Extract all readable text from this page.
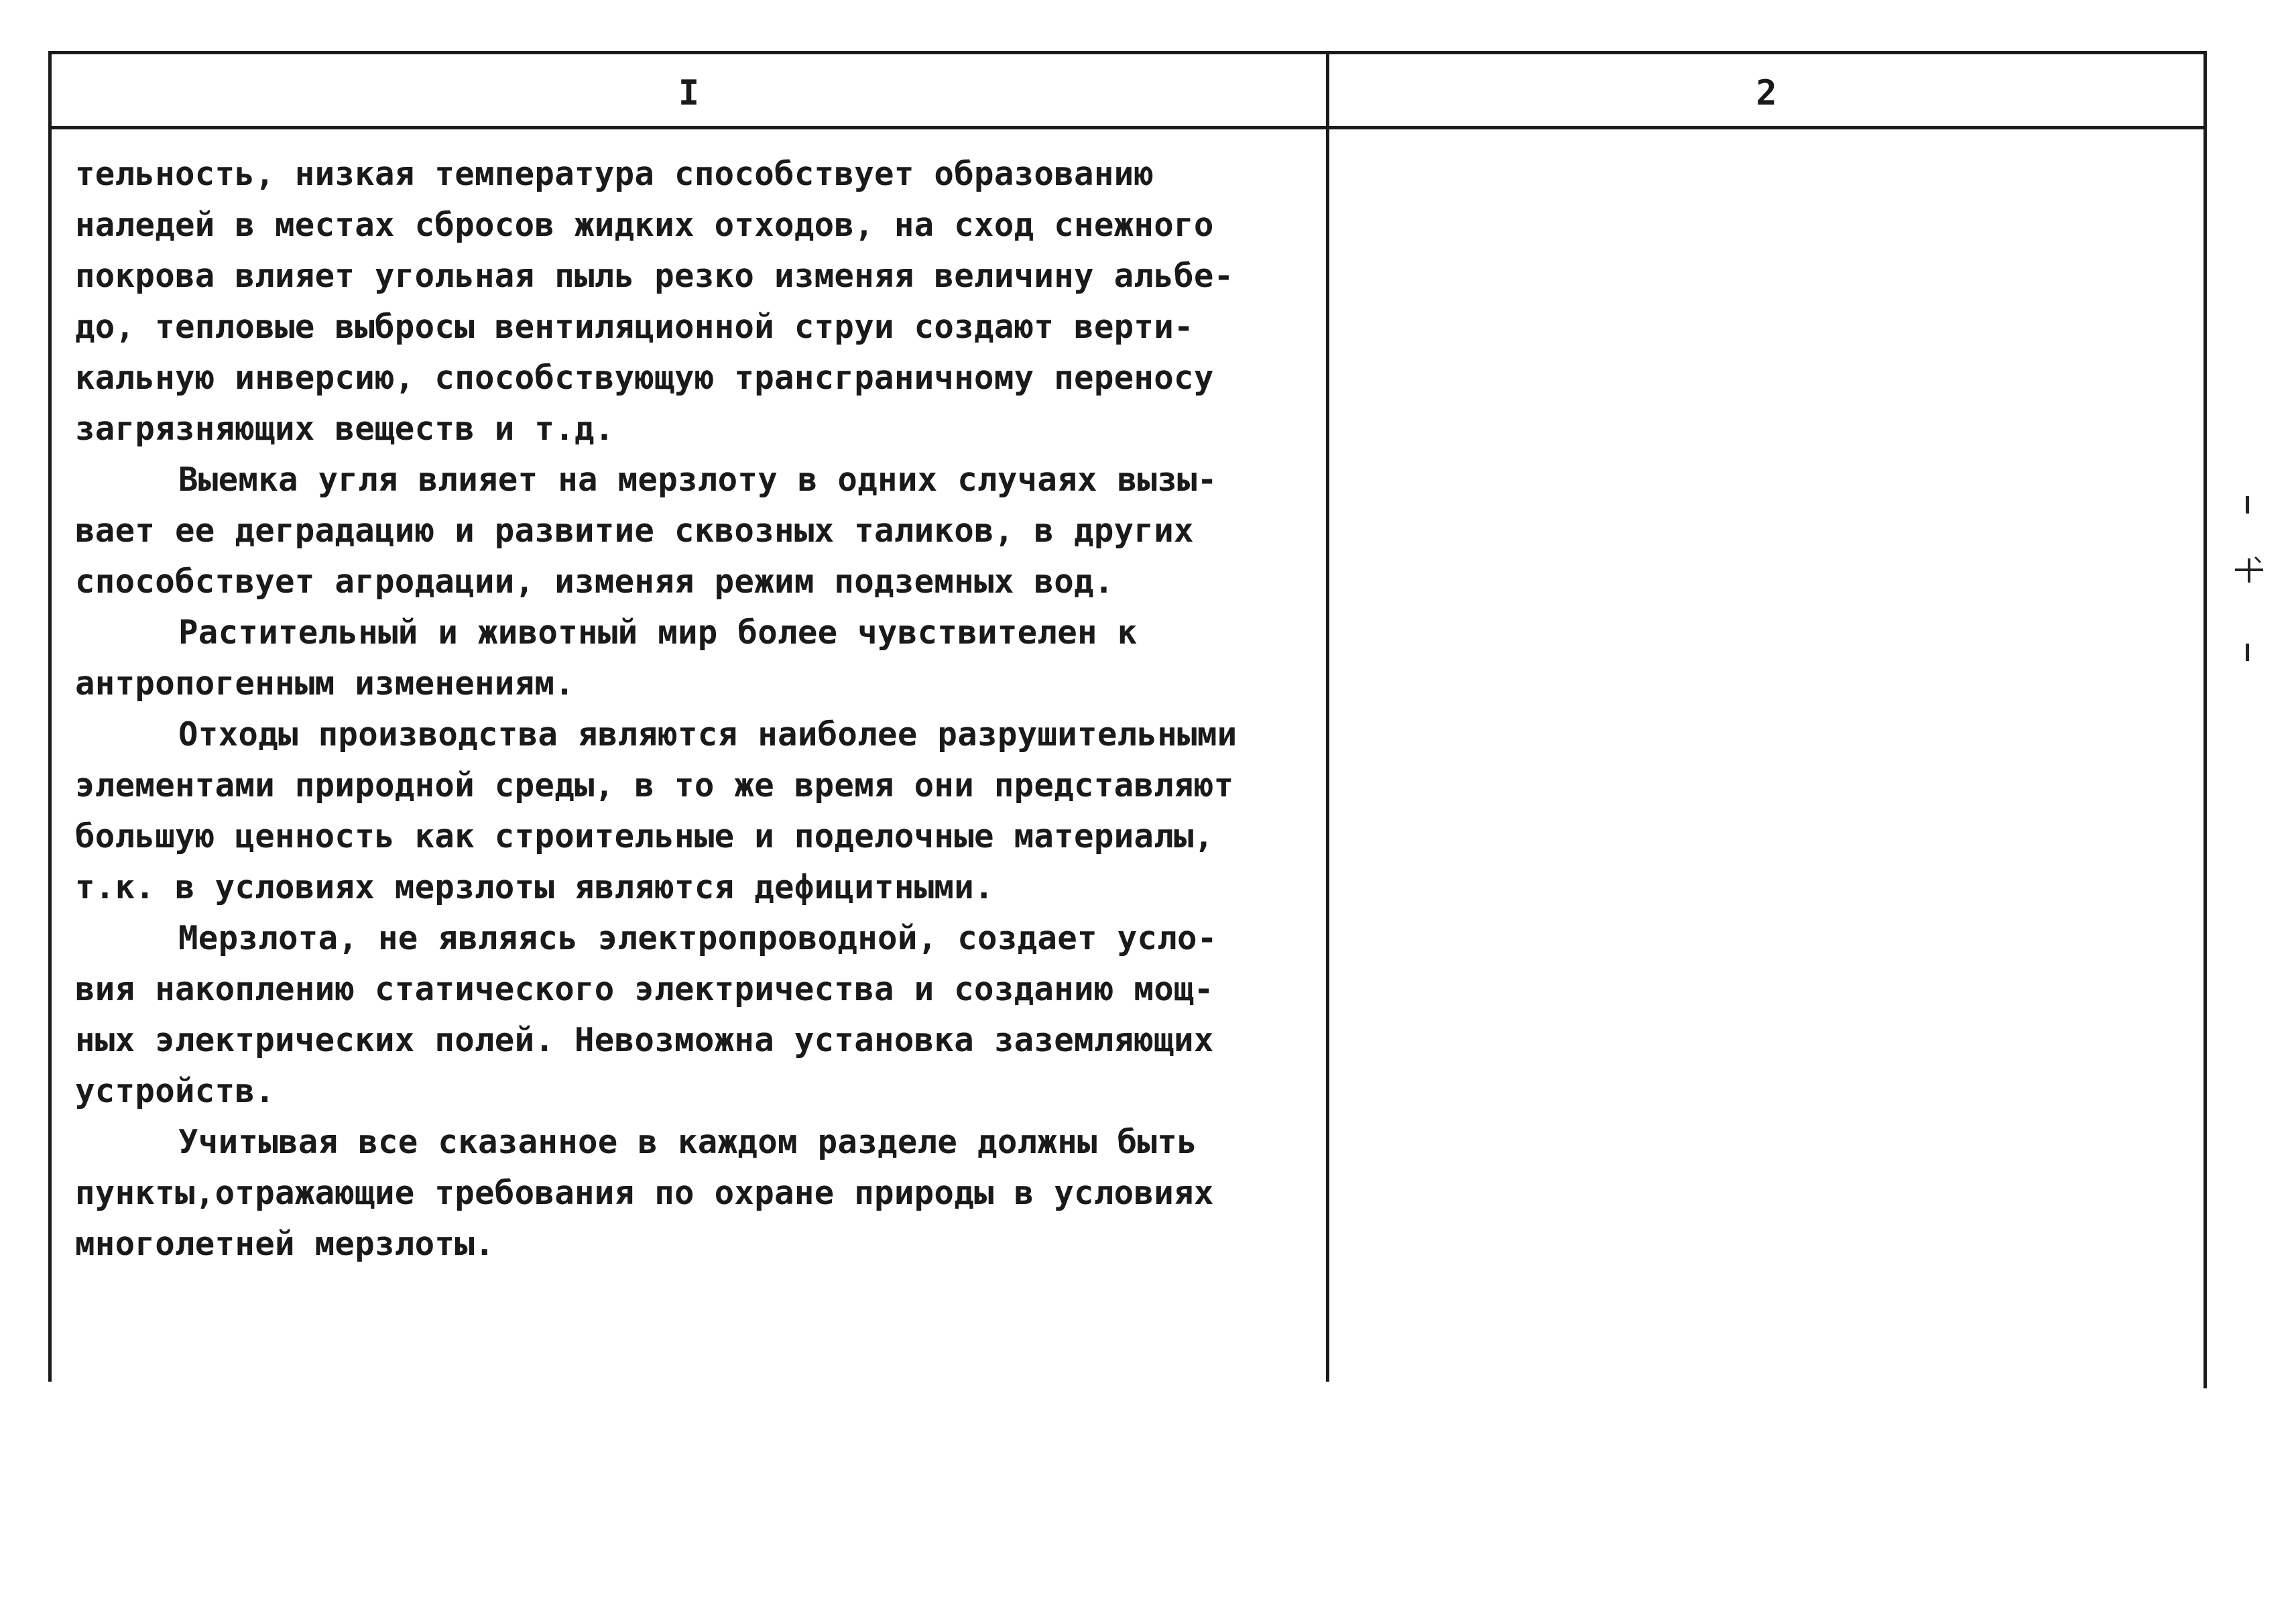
I	2
тельность, низкая температура способствует образованию
наледей в местах сбросов жидких отходов, на сход снежного
покрова влияет угольная пыль резко изменяя величину альбе-
до, тепловые выбросы вентиляционной струи создают верти-
кальную инверсию, способствующую трансграничному переносу
загрязняющих веществ и т.д.
Выемка угля влияет на мерзлоту в одних случаях вызы-
вает ее деградацию и развитие сквозных таликов, в других
способствует агродации, изменяя режим подземных вод.
Растительный и животный мир более чувствителен к
антропогенным изменениям.
Отходы производства являются наиболее разрушительными
элементами природной среды, в то же время они представляют
большую ценность как строительные и поделочные материалы,
т.к. в условиях мерзлоты являются дефицитными.
Мерзлота, не являясь электропроводной, создает усло-
вия накоплению статического электричества и созданию мощ-
ных электрических полей. Невозможна установка заземляющих
устройств.
Учитывая все сказанное в каждом разделе должны быть
пункты,отражающие требования по охране природы в условиях
многолетней мерзлоты.
